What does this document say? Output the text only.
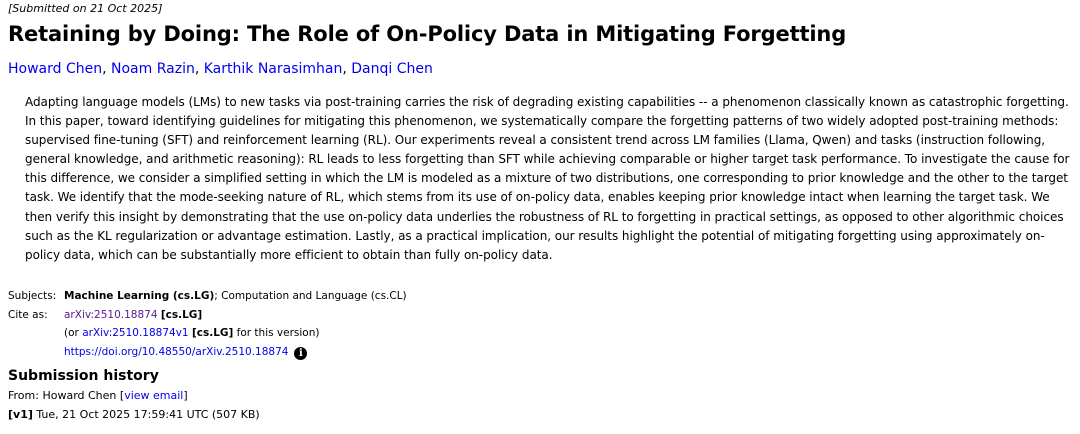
[Submitted on 21 Oct 2025]
Retaining by Doing: The Role of On-Policy Data in Mitigating Forgetting
Howard Chen, Noam Razin, Karthik Narasimhan, Danqi Chen
Adapting language models (LMs) to new tasks via post-training carries the risk of degrading existing capabilities -- a phenomenon classically known as catastrophic forgetting. In this paper, toward identifying guidelines for mitigating this phenomenon, we systematically compare the forgetting patterns of two widely adopted post-training methods: supervised fine-tuning (SFT) and reinforcement learning (RL). Our experiments reveal a consistent trend across LM families (Llama, Qwen) and tasks (instruction following, general knowledge, and arithmetic reasoning): RL leads to less forgetting than SFT while achieving comparable or higher target task performance. To investigate the cause for this difference, we consider a simplified setting in which the LM is modeled as a mixture of two distributions, one corresponding to prior knowledge and the other to the target task. We identify that the mode-seeking nature of RL, which stems from its use of on-policy data, enables keeping prior knowledge intact when learning the target task. We then verify this insight by demonstrating that the use on-policy data underlies the robustness of RL to forgetting in practical settings, as opposed to other algorithmic choices such as the KL regularization or advantage estimation. Lastly, as a practical implication, our results highlight the potential of mitigating forgetting using approximately on-policy data, which can be substantially more efficient to obtain than fully on-policy data.
Subjects: Machine Learning (cs.LG); Computation and Language (cs.CL)
Cite as:	arXiv:2510.18874 [cs.LG]
(or arXiv:2510.18874v1 [cs.LG] for this version)
https://doi.org/10.48550/arXiv.2510.18874 i
Submission history
From: Howard Chen [view email]
[v1] Tue, 21 Oct 2025 17:59:41 UTC (507 KB)
